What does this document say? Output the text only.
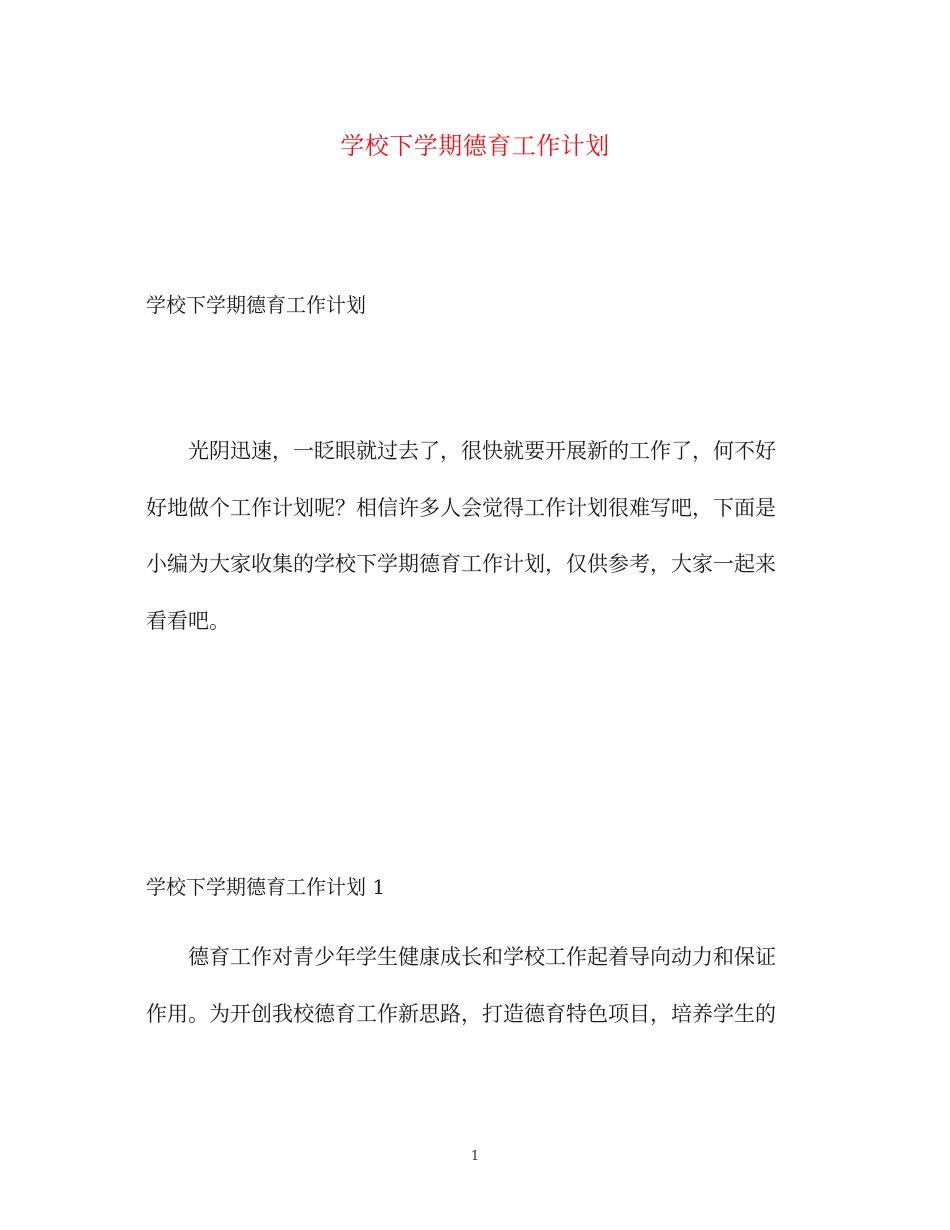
学校下学期德育工作计划
学校下学期德育工作计划
光阴迅速，一眨眼就过去了，很快就要开展新的工作了，何不好
好地做个工作计划呢？相信许多人会觉得工作计划很难写吧，下面是
小编为大家收集的学校下学期德育工作计划，仅供参考，大家一起来
看看吧。
学校下学期德育工作计划 1
德育工作对青少年学生健康成长和学校工作起着导向动力和保证
作用。为开创我校德育工作新思路，打造德育特色项目，培养学生的
1
